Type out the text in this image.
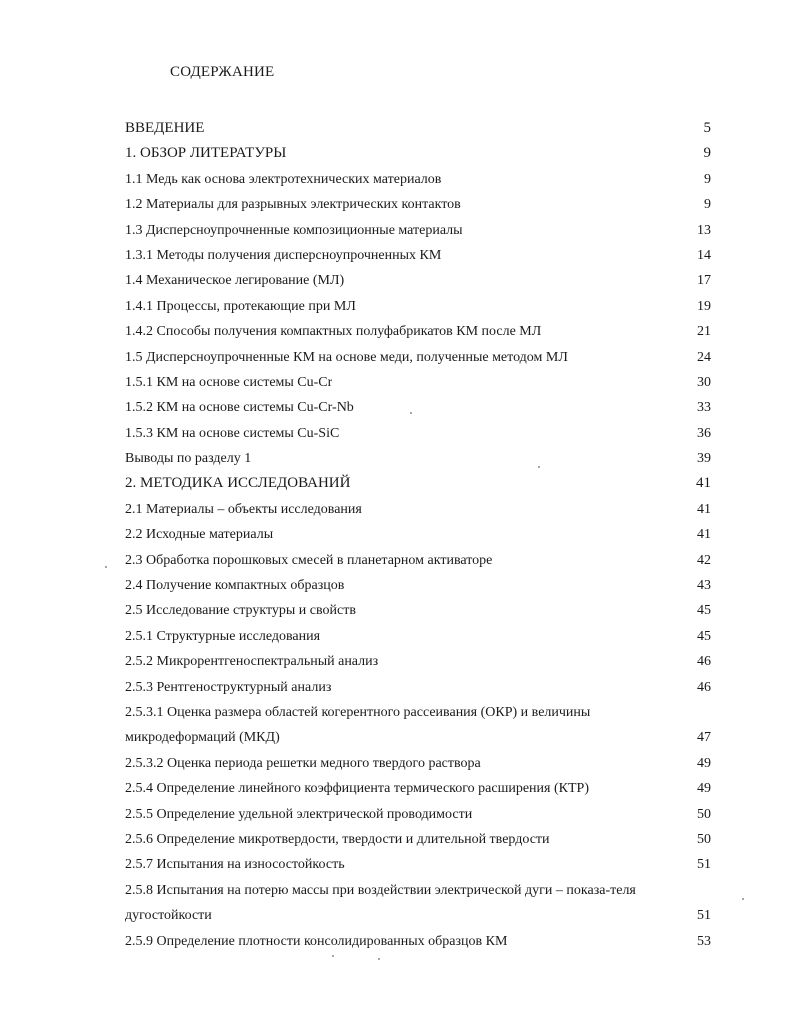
СОДЕРЖАНИЕ
ВВЕДЕНИЕ	5
1. ОБЗОР ЛИТЕРАТУРЫ	9
1.1 Медь как основа электротехнических материалов	9
1.2 Материалы для разрывных электрических контактов	9
1.3 Дисперсноупрочненные композиционные материалы	13
1.3.1 Методы получения дисперсноупрочненных КМ	14
1.4 Механическое легирование (МЛ)	17
1.4.1 Процессы, протекающие при МЛ	19
1.4.2 Способы получения компактных полуфабрикатов КМ после МЛ	21
1.5 Дисперсноупрочненные КМ на основе меди, полученные методом МЛ	24
1.5.1 КМ на основе системы Cu-Cr	30
1.5.2 КМ на основе системы Cu-Cr-Nb	33
1.5.3 КМ на основе системы Cu-SiC	36
Выводы по разделу 1	39
2. МЕТОДИКА ИССЛЕДОВАНИЙ	41
2.1 Материалы – объекты исследования	41
2.2 Исходные материалы	41
2.3 Обработка порошковых смесей в планетарном активаторе	42
2.4 Получение компактных образцов	43
2.5 Исследование структуры и свойств	45
2.5.1 Структурные исследования	45
2.5.2 Микрорентгеноспектральный анализ	46
2.5.3 Рентгеноструктурный анализ	46
2.5.3.1 Оценка размера областей когерентного рассеивания (ОКР) и величины микродеформаций (МКД)	47
2.5.3.2 Оценка периода решетки медного твердого раствора	49
2.5.4 Определение линейного коэффициента термического расширения (КТР)	49
2.5.5 Определение удельной электрической проводимости	50
2.5.6 Определение микротвердости, твердости и длительной твердости	50
2.5.7 Испытания на износостойкость	51
2.5.8 Испытания на потерю массы при воздействии электрической дуги – показа-теля дугостойкости	51
2.5.9 Определение плотности консолидированных образцов КМ	53
